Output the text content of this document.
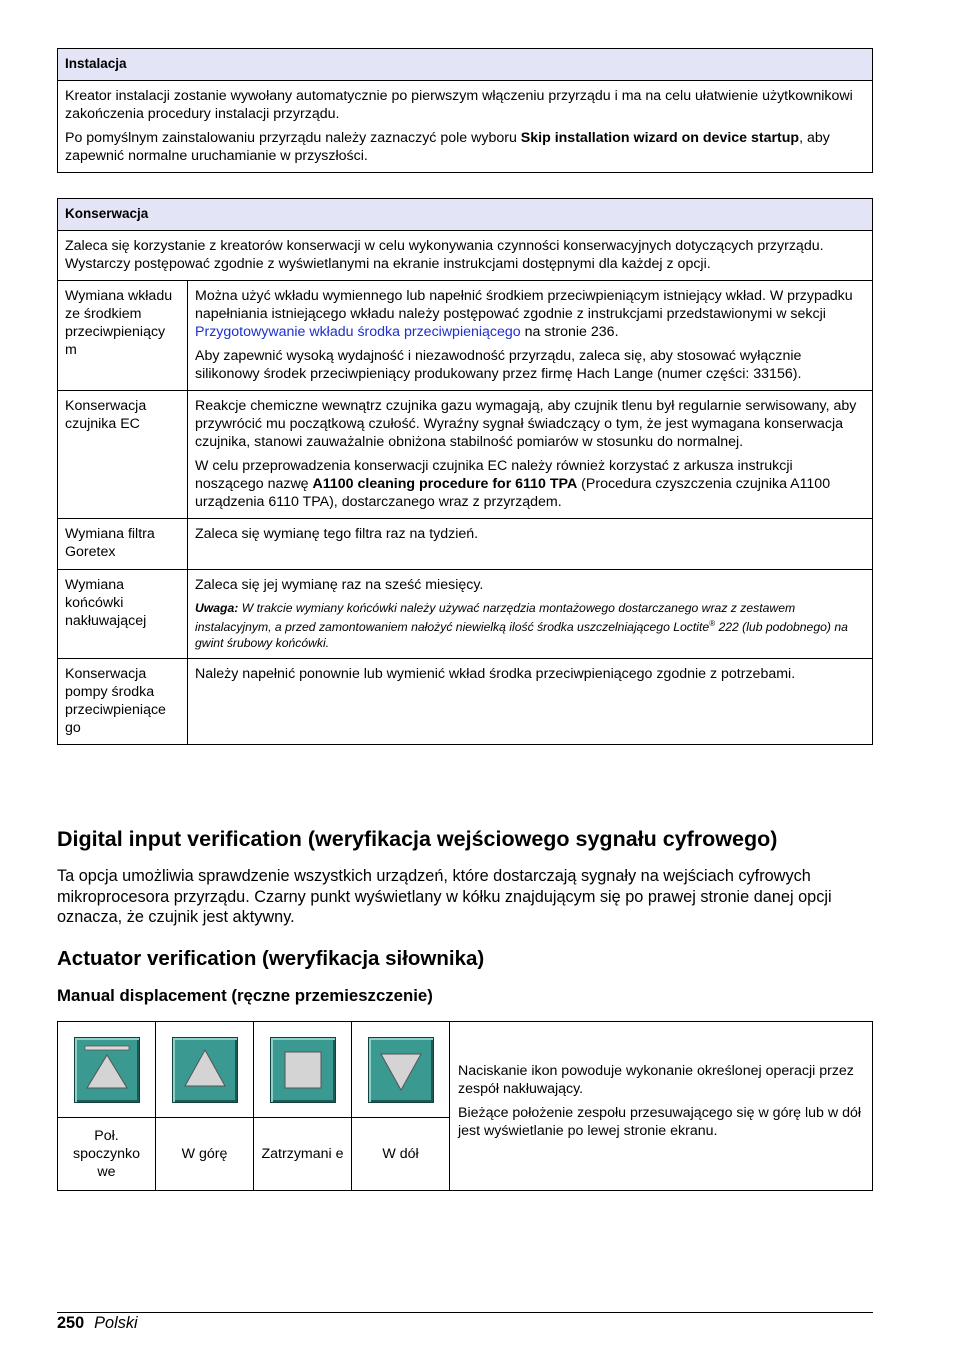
Instalacja

Kreator instalacji zostanie wywołany automatycznie po pierwszym włączeniu przyrządu i ma na celu ułatwienie użytkownikowi zakończenia procedury instalacji przyrządu.

Po pomyślnym zainstalowaniu przyrządu należy zaznaczyć pole wyboru Skip installation wizard on device startup, aby zapewnić normalne uruchamianie w przyszłości.

Konserwacja	
Zaleca się korzystanie z kreatorów konserwacji w celu wykonywania czynności konserwacyjnych dotyczących przyrządu. Wystarczy postępować zgodnie z wyświetlanymi na ekranie instrukcjami dostępnymi dla każdej z opcji.	
Wymiana wkładu ze środkiem przeciwpieniący m	Można użyć wkładu wymiennego lub napełnić środkiem przeciwpieniącym istniejący wkład. W przypadku napełniania istniejącego wkładu należy postępować zgodnie z instrukcjami przedstawionymi w sekcji Przygotowywanie wkładu środka przeciwpieniącego na stronie 236.

Aby zapewnić wysoką wydajność i niezawodność przyrządu, zaleca się, aby stosować wyłącznie silikonowy środek przeciwpieniący produkowany przez firmę Hach Lange (numer części: 33156).

Konserwacja czujnika EC	Reakcje chemiczne wewnątrz czujnika gazu wymagają, aby czujnik tlenu był regularnie serwisowany, aby przywrócić mu początkową czułość. Wyraźny sygnał świadczący o tym, że jest wymagana konserwacja czujnika, stanowi zauważalnie obniżona stabilność pomiarów w stosunku do normalnej.

W celu przeprowadzenia konserwacji czujnika EC należy również korzystać z arkusza instrukcji noszącego nazwę A1100 cleaning procedure for 6110 TPA (Procedura czyszczenia czujnika A1100 urządzenia 6110 TPA), dostarczanego wraz z przyrządem.

Wymiana filtra Goretex	Zaleca się wymianę tego filtra raz na tydzień.

Wymiana końcówki nakłuwającej	Zaleca się jej wymianę raz na sześć miesięcy.

Uwaga: W trakcie wymiany końcówki należy używać narzędzia montażowego dostarczanego wraz z zestawem instalacyjnym, a przed zamontowaniem nałożyć niewielką ilość środka uszczelniającego Loctite® 222 (lub podobnego) na gwint śrubowy końcówki.

Konserwacja pompy środka przeciwpieniące go	Należy napełnić ponownie lub wymienić wkład środka przeciwpieniącego zgodnie z potrzebami.

Digital input verification (weryfikacja wejściowego sygnału cyfrowego)

Ta opcja umożliwia sprawdzenie wszystkich urządzeń, które dostarczają sygnały na wejściach cyfrowych mikroprocesora przyrządu. Czarny punkt wyświetlany w kółku znajdującym się po prawej stronie danej opcji oznacza, że czujnik jest aktywny.

Actuator verification (weryfikacja siłownika)
Manual displacement (ręczne przemieszczenie)

Naciskanie ikon powoduje wykonanie określonej operacji przez zespół nakłuwający.

Bieżące położenie zespołu przesuwającego się w górę lub w dół jest wyświetlanie po lewej stronie ekranu.

Poł. spoczynko we	W górę	Zatrzymani e	W dół	
250 Polski
